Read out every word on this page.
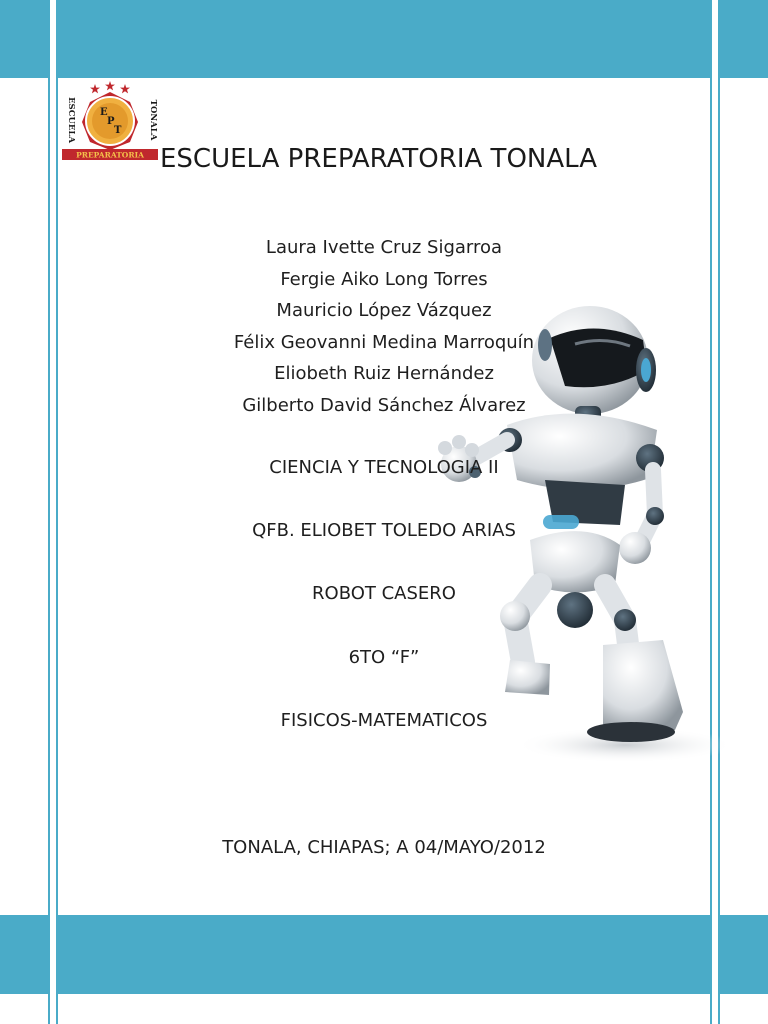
E
P
T
PREPARATORIA
ESCUELA	TONALA
ESCUELA PREPARATORIA TONALA
Laura Ivette Cruz Sigarroa
Fergie Aiko Long Torres
Mauricio López Vázquez
Félix Geovanni Medina Marroquín
Eliobeth Ruiz Hernández
Gilberto David Sánchez Álvarez
CIENCIA Y TECNOLOGIA II
QFB. ELIOBET TOLEDO ARIAS
ROBOT CASERO
6TO “F”
FISICOS-MATEMATICOS
TONALA, CHIAPAS; A 04/MAYO/2012
